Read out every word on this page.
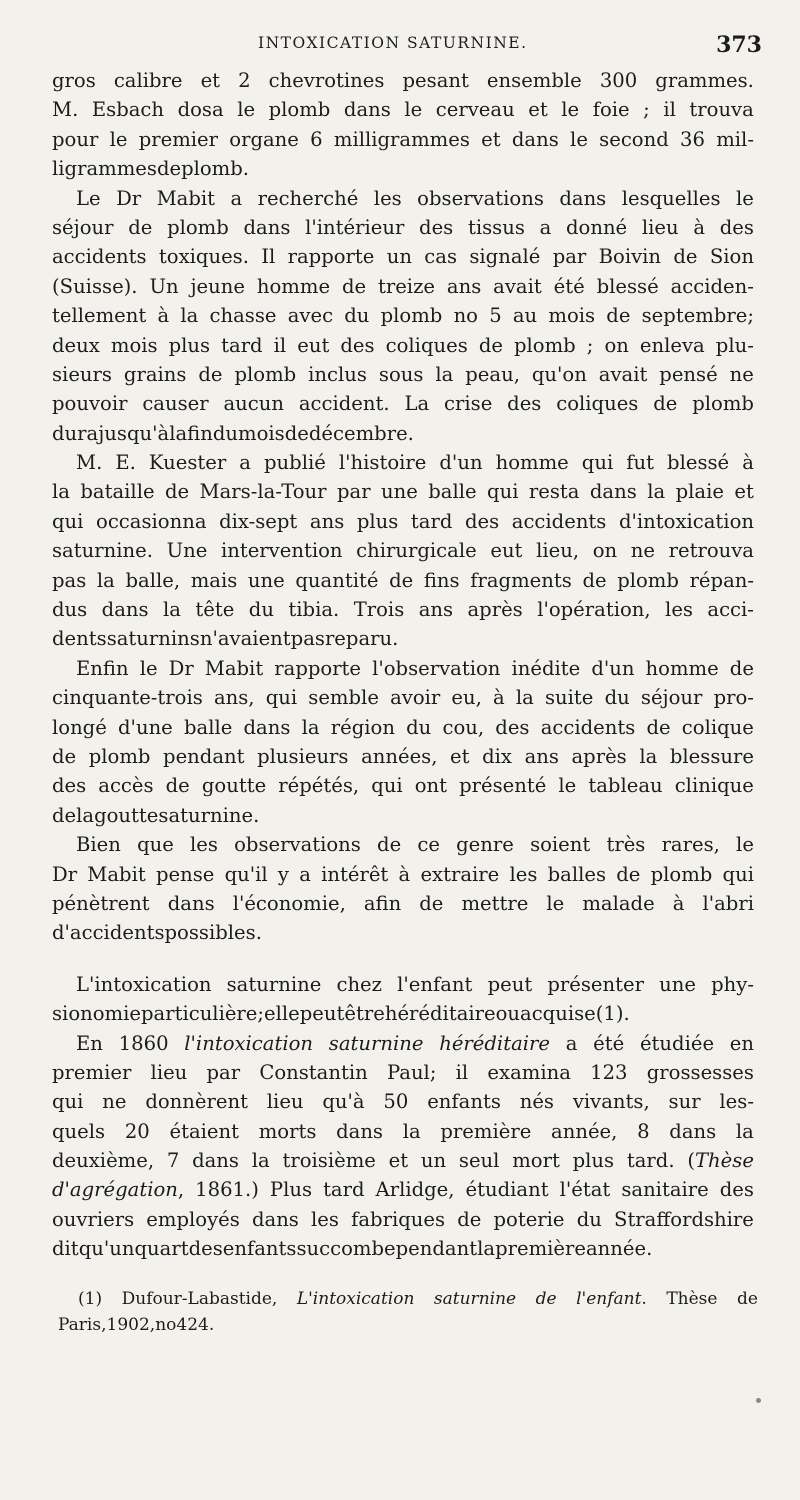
INTOXICATION SATURNINE.	373
gros calibre et 2 chevrotines pesant ensemble 300 grammes.
M. Esbach dosa le plomb dans le cerveau et le foie ; il trouva
pour le premier organe 6 milligrammes et dans le second 36 mil-
ligrammes de plomb.
Le Dr Mabit a recherché les observations dans lesquelles le
séjour de plomb dans l'intérieur des tissus a donné lieu à des
accidents toxiques. Il rapporte un cas signalé par Boivin de Sion
(Suisse). Un jeune homme de treize ans avait été blessé acciden-
tellement à la chasse avec du plomb no 5 au mois de septembre;
deux mois plus tard il eut des coliques de plomb ; on enleva plu-
sieurs grains de plomb inclus sous la peau, qu'on avait pensé ne
pouvoir causer aucun accident. La crise des coliques de plomb
dura jusqu'à la fin du mois de décembre.
M. E. Kuester a publié l'histoire d'un homme qui fut blessé à
la bataille de Mars-la-Tour par une balle qui resta dans la plaie et
qui occasionna dix-sept ans plus tard des accidents d'intoxication
saturnine. Une intervention chirurgicale eut lieu, on ne retrouva
pas la balle, mais une quantité de fins fragments de plomb répan-
dus dans la tête du tibia. Trois ans après l'opération, les acci-
dents saturnins n'avaient pas reparu.
Enfin le Dr Mabit rapporte l'observation inédite d'un homme de
cinquante-trois ans, qui semble avoir eu, à la suite du séjour pro-
longé d'une balle dans la région du cou, des accidents de colique
de plomb pendant plusieurs années, et dix ans après la blessure
des accès de goutte répétés, qui ont présenté le tableau clinique
de la goutte saturnine.
Bien que les observations de ce genre soient très rares, le
Dr Mabit pense qu'il y a intérêt à extraire les balles de plomb qui
pénètrent dans l'économie, afin de mettre le malade à l'abri
d'accidents possibles.
L'intoxication saturnine chez l'enfant peut présenter une phy-
sionomie particulière; elle peut être héréditaire ou acquise (1).
En 1860 l'intoxication saturnine héréditaire a été étudiée en
premier lieu par Constantin Paul; il examina 123 grossesses
qui ne donnèrent lieu qu'à 50 enfants nés vivants, sur les-
quels 20 étaient morts dans la première année, 8 dans la
deuxième, 7 dans la troisième et un seul mort plus tard. (Thèse
d'agrégation, 1861.) Plus tard Arlidge, étudiant l'état sanitaire des
ouvriers employés dans les fabriques de poterie du Straffordshire
dit qu'un quart des enfants succombe pendant la première année.
(1) Dufour-Labastide, L'intoxication saturnine de l'enfant. Thèse de
Paris, 1902, no 424.
